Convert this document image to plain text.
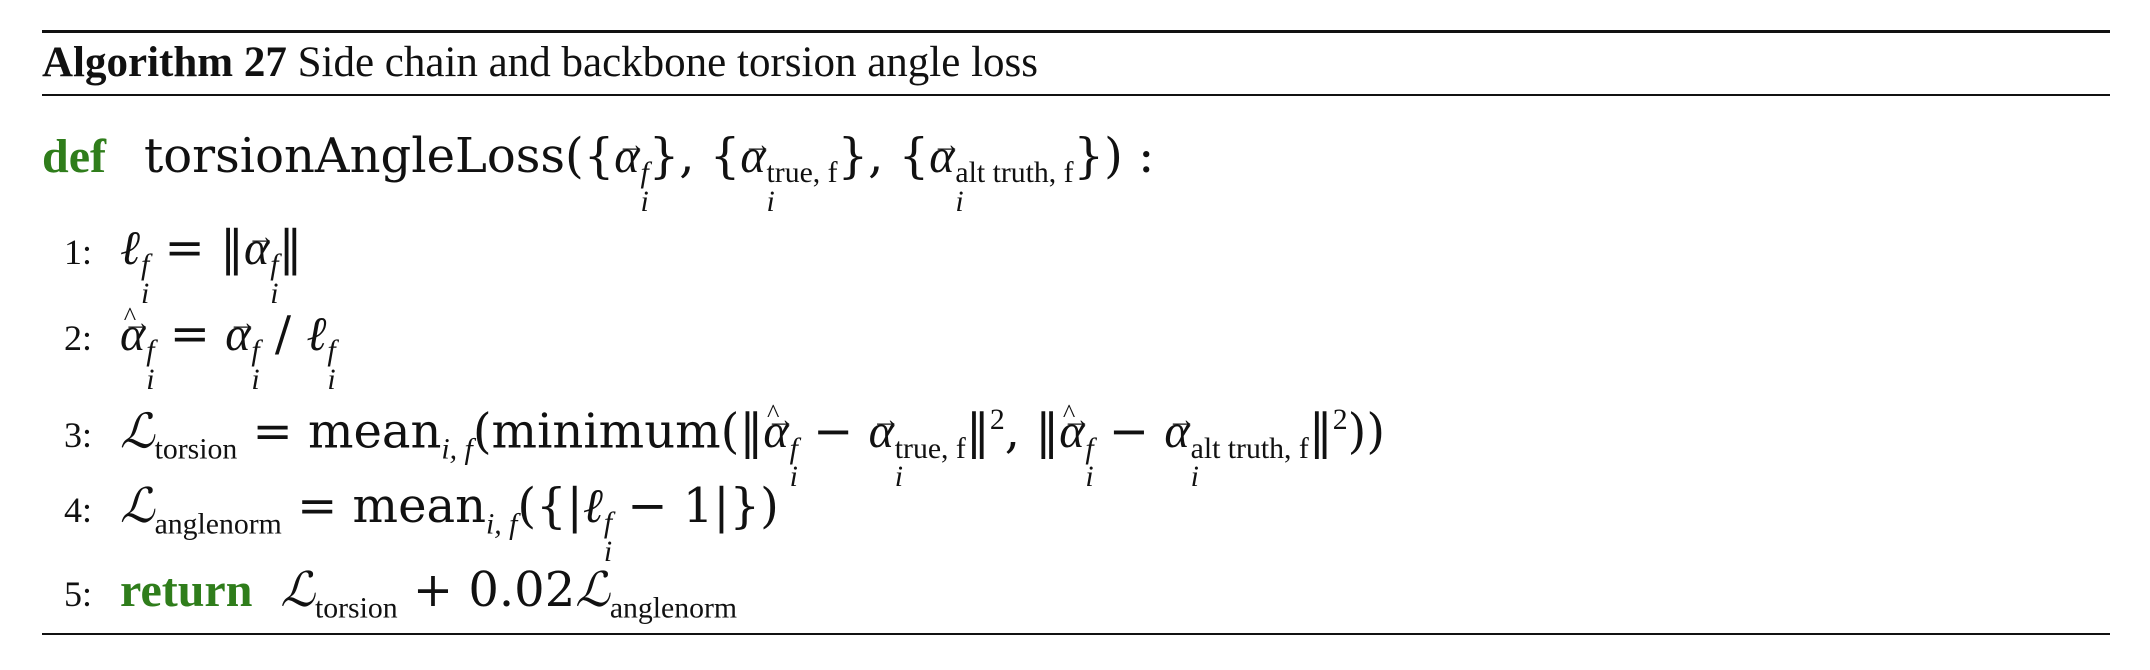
Algorithm 27 Side chain and backbone torsion angle loss
def torsionAngleLoss({→ α f
i
}, {→ α true, f
i
}, {→ α alt truth, f
i
}) :
1: ℓ f
i
= ‖→ α f
i
‖
2:→ α ^ f
i
= → α f
i
/ ℓ f
i
3: ℒ$_{torsion}$ = mean$_{i, f}$(minimum(‖→ α ^ f
i
− → α true, f
i
‖$^2$, ‖→ α ^ f
i
− → α alt truth, f
i
‖$^2$))
4: ℒ$_{anglenorm}$ = mean$_{i, f}$({|ℓ f
i
− 1|})
5: return ℒ$_{torsion}$ + 0.02ℒ$_{anglenorm}$
